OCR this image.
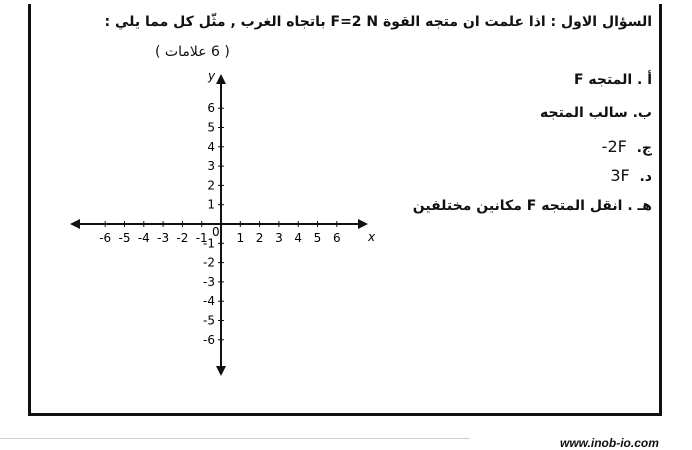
السؤال الاول : اذا علمت ان متجه القوة F=2 N باتجاه الغرب , مثّل كل مما يلي :
( 6 علامات )
أ . المتجه F
ب. سالب المتجه
ج.  -2F
د.  3F
هـ . انقل المتجه F مكانين مختلفين
-6 -5 -4 -3 -2 -1 1 2 3 4 5 6
6
5
4
3
2
1
-1
-2
-3
-4
-5
-6
x
y
0
www.inob-io.com
